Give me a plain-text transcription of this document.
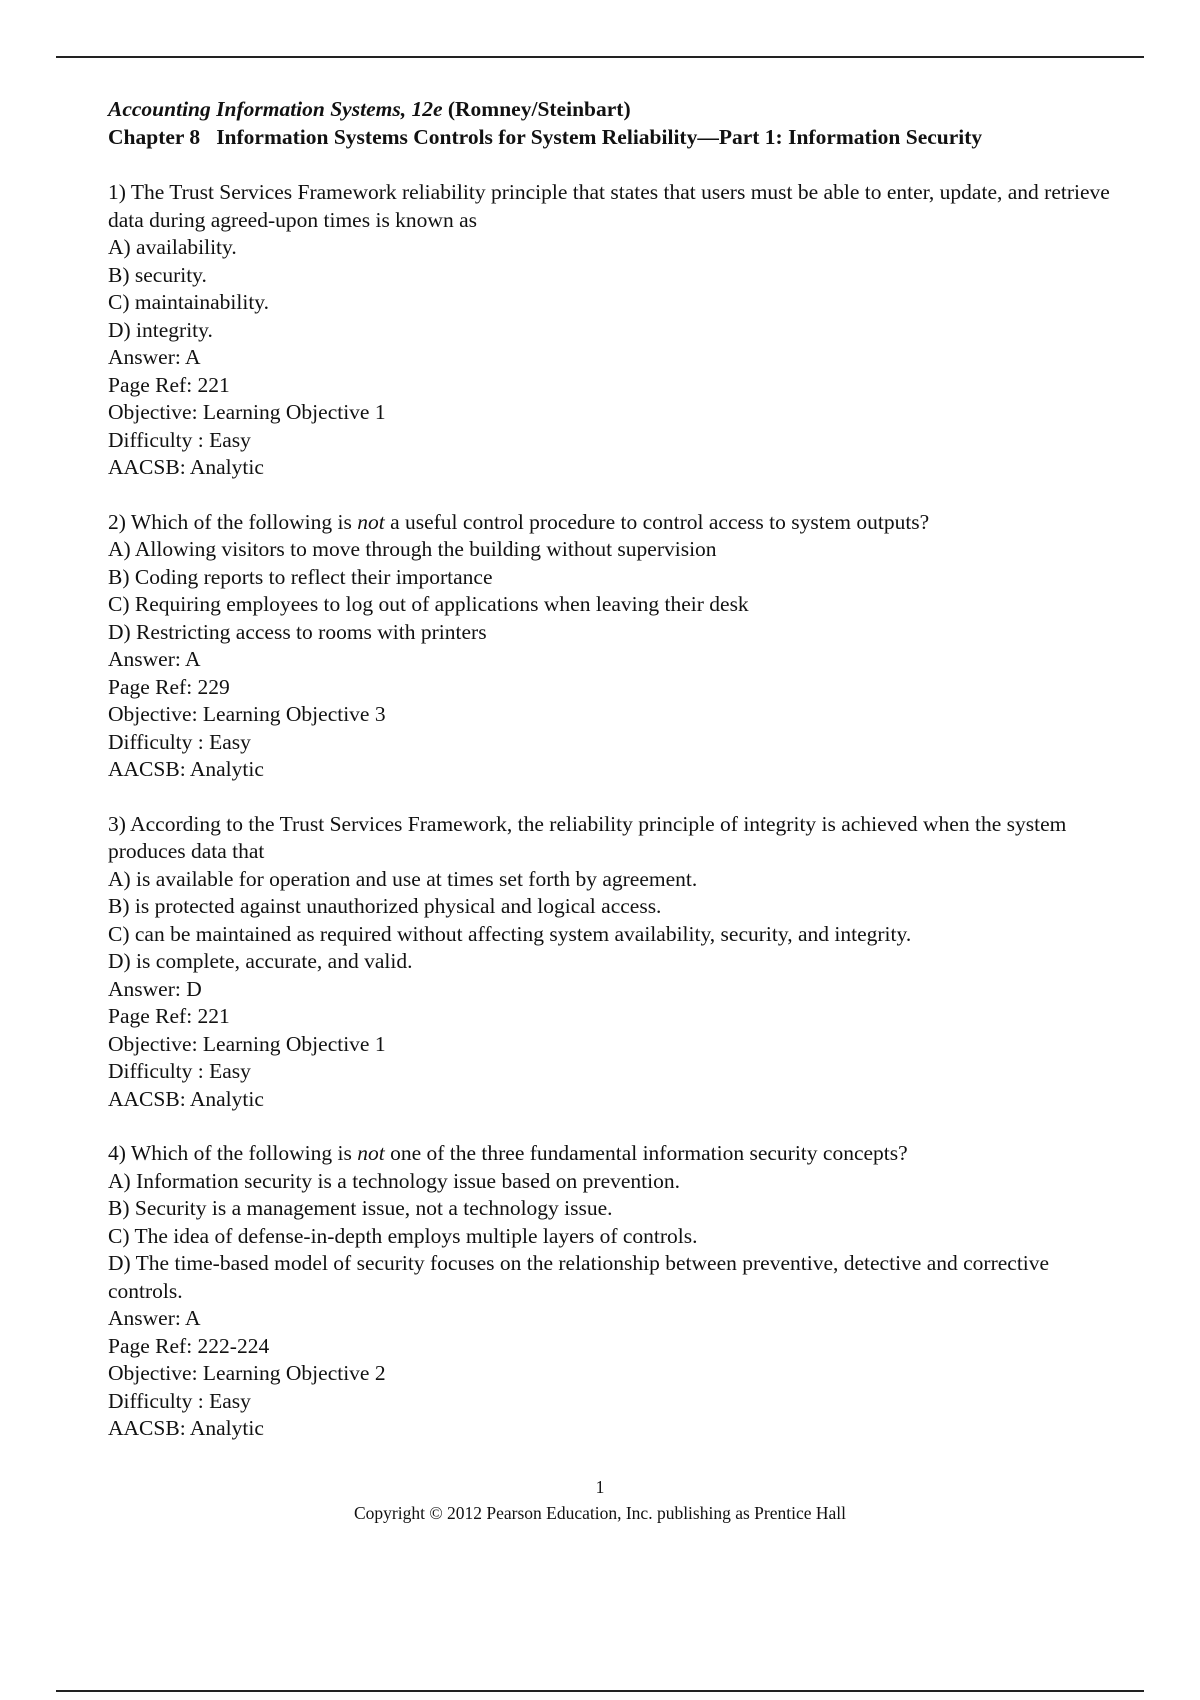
Accounting Information Systems, 12e (Romney/Steinbart)
Chapter 8 Information Systems Controls for System Reliability—Part 1: Information Security
1) The Trust Services Framework reliability principle that states that users must be able to enter, update, and retrieve data during agreed-upon times is known as
A) availability.
B) security.
C) maintainability.
D) integrity.
Answer: A
Page Ref: 221
Objective: Learning Objective 1
Difficulty : Easy
AACSB: Analytic
2) Which of the following is not a useful control procedure to control access to system outputs?
A) Allowing visitors to move through the building without supervision
B) Coding reports to reflect their importance
C) Requiring employees to log out of applications when leaving their desk
D) Restricting access to rooms with printers
Answer: A
Page Ref: 229
Objective: Learning Objective 3
Difficulty : Easy
AACSB: Analytic
3) According to the Trust Services Framework, the reliability principle of integrity is achieved when the system produces data that
A) is available for operation and use at times set forth by agreement.
B) is protected against unauthorized physical and logical access.
C) can be maintained as required without affecting system availability, security, and integrity.
D) is complete, accurate, and valid.
Answer: D
Page Ref: 221
Objective: Learning Objective 1
Difficulty : Easy
AACSB: Analytic
4) Which of the following is not one of the three fundamental information security concepts?
A) Information security is a technology issue based on prevention.
B) Security is a management issue, not a technology issue.
C) The idea of defense-in-depth employs multiple layers of controls.
D) The time-based model of security focuses on the relationship between preventive, detective and corrective controls.
Answer: A
Page Ref: 222-224
Objective: Learning Objective 2
Difficulty : Easy
AACSB: Analytic
1
Copyright © 2012 Pearson Education, Inc. publishing as Prentice Hall
